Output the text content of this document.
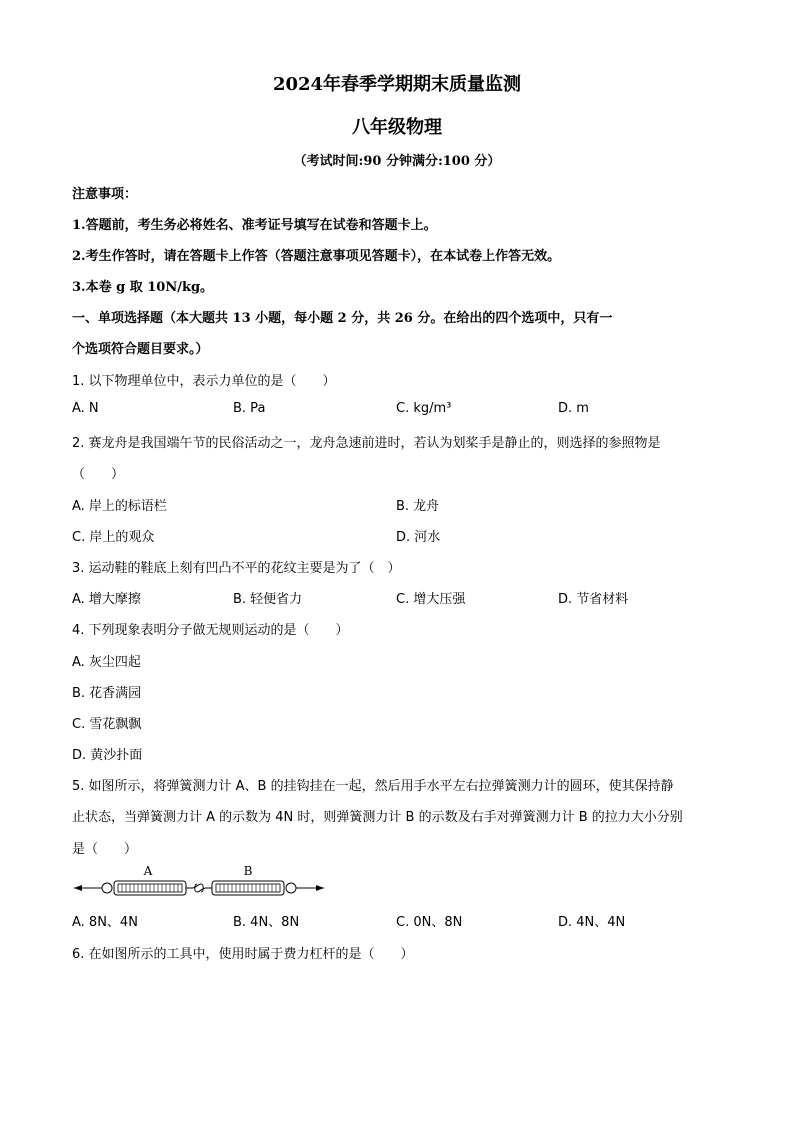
2024年春季学期期末质量监测
八年级物理
（考试时间:90 分钟满分:100 分）
注意事项：
1.答题前，考生务必将姓名、准考证号填写在试卷和答题卡上。
2.考生作答时，请在答题卡上作答（答题注意事项见答题卡），在本试卷上作答无效。
3.本卷 g 取 10N/kg。
一、单项选择题（本大题共 13 小题，每小题 2 分，共 26 分。在给出的四个选项中，只有一
个选项符合题目要求。）
1. 以下物理单位中，表示力单位的是（　　）
A. N	B. Pa	C. kg/m³	D. m
2. 赛龙舟是我国端午节的民俗活动之一，龙舟急速前进时，若认为划桨手是静止的，则选择的参照物是
（　　）
A. 岸上的标语栏	B. 龙舟
C. 岸上的观众	D. 河水
3. 运动鞋的鞋底上刻有凹凸不平的花纹主要是为了（　）
A. 增大摩擦	B. 轻便省力	C. 增大压强	D. 节省材料
4. 下列现象表明分子做无规则运动的是（　　）
A. 灰尘四起
B. 花香满园
C. 雪花飘飘
D. 黄沙扑面
5. 如图所示，将弹簧测力计 A、B 的挂钩挂在一起，然后用手水平左右拉弹簧测力计的圆环，使其保持静
止状态，当弹簧测力计 A 的示数为 4N 时，则弹簧测力计 B 的示数及右手对弹簧测力计 B 的拉力大小分别
是（　　）
A	B
A. 8N、4N	B. 4N、8N	C. 0N、8N	D. 4N、4N
6. 在如图所示的工具中，使用时属于费力杠杆的是（　　）
